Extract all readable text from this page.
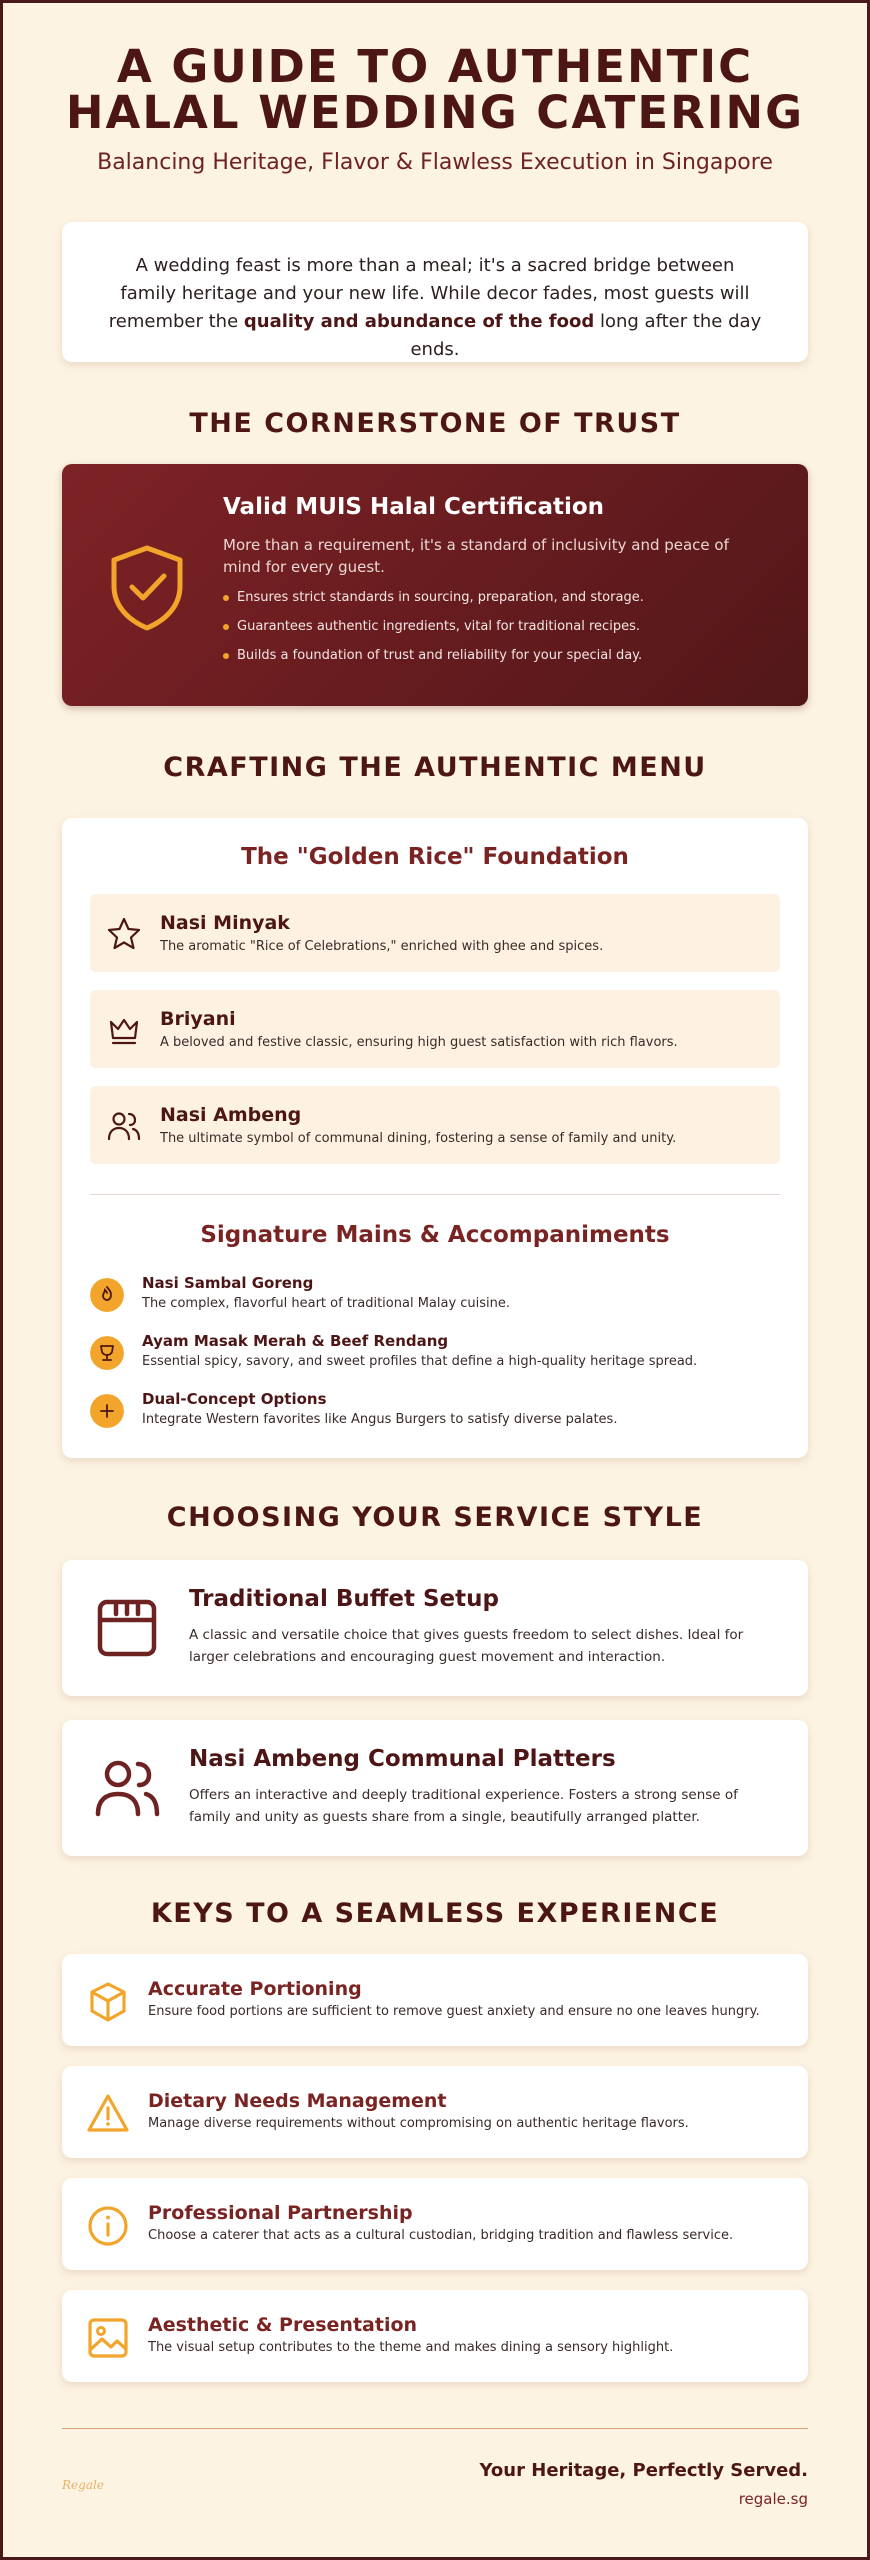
A GUIDE TO AUTHENTIC
HALAL WEDDING CATERING
Balancing Heritage, Flavor & Flawless Execution in Singapore
A wedding feast is more than a meal; it's a sacred bridge between family heritage and your new life. While decor fades, most guests will remember the quality and abundance of the food long after the day ends.
THE CORNERSTONE OF TRUST
Valid MUIS Halal Certification
More than a requirement, it's a standard of inclusivity and peace of mind for every guest.
Ensures strict standards in sourcing, preparation, and storage.
Guarantees authentic ingredients, vital for traditional recipes.
Builds a foundation of trust and reliability for your special day.
CRAFTING THE AUTHENTIC MENU
The "Golden Rice" Foundation
Nasi Minyak
The aromatic "Rice of Celebrations," enriched with ghee and spices.
Briyani
A beloved and festive classic, ensuring high guest satisfaction with rich flavors.
Nasi Ambeng
The ultimate symbol of communal dining, fostering a sense of family and unity.
Signature Mains & Accompaniments
Nasi Sambal Goreng
The complex, flavorful heart of traditional Malay cuisine.
Ayam Masak Merah & Beef Rendang
Essential spicy, savory, and sweet profiles that define a high-quality heritage spread.
Dual-Concept Options
Integrate Western favorites like Angus Burgers to satisfy diverse palates.
CHOOSING YOUR SERVICE STYLE
Traditional Buffet Setup
A classic and versatile choice that gives guests freedom to select dishes. Ideal for larger celebrations and encouraging guest movement and interaction.
Nasi Ambeng Communal Platters
Offers an interactive and deeply traditional experience. Fosters a strong sense of family and unity as guests share from a single, beautifully arranged platter.
KEYS TO A SEAMLESS EXPERIENCE
Accurate Portioning
Ensure food portions are sufficient to remove guest anxiety and ensure no one leaves hungry.
Dietary Needs Management
Manage diverse requirements without compromising on authentic heritage flavors.
Professional Partnership
Choose a caterer that acts as a cultural custodian, bridging tradition and flawless service.
Aesthetic & Presentation
The visual setup contributes to the theme and makes dining a sensory highlight.
Regale
Your Heritage, Perfectly Served.
regale.sg
